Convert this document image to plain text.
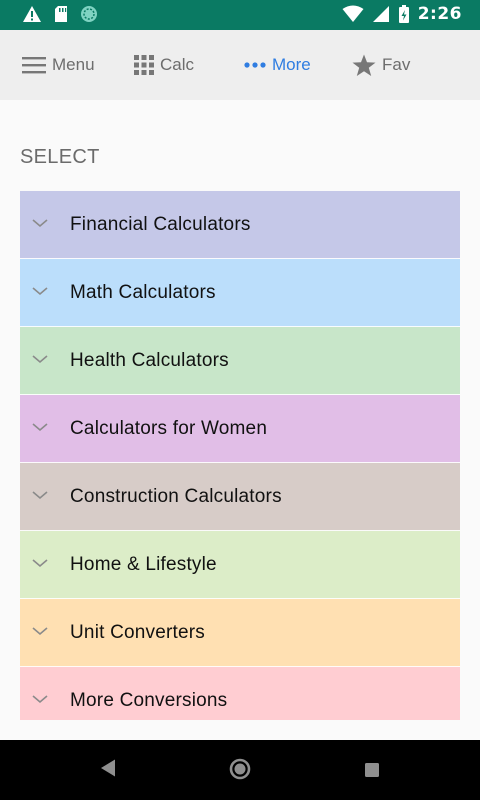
2:26
Menu	Calc	More	Fav
SELECT
Financial Calculators
Math Calculators
Health Calculators
Calculators for Women
Construction Calculators
Home & Lifestyle
Unit Converters
More Conversions
